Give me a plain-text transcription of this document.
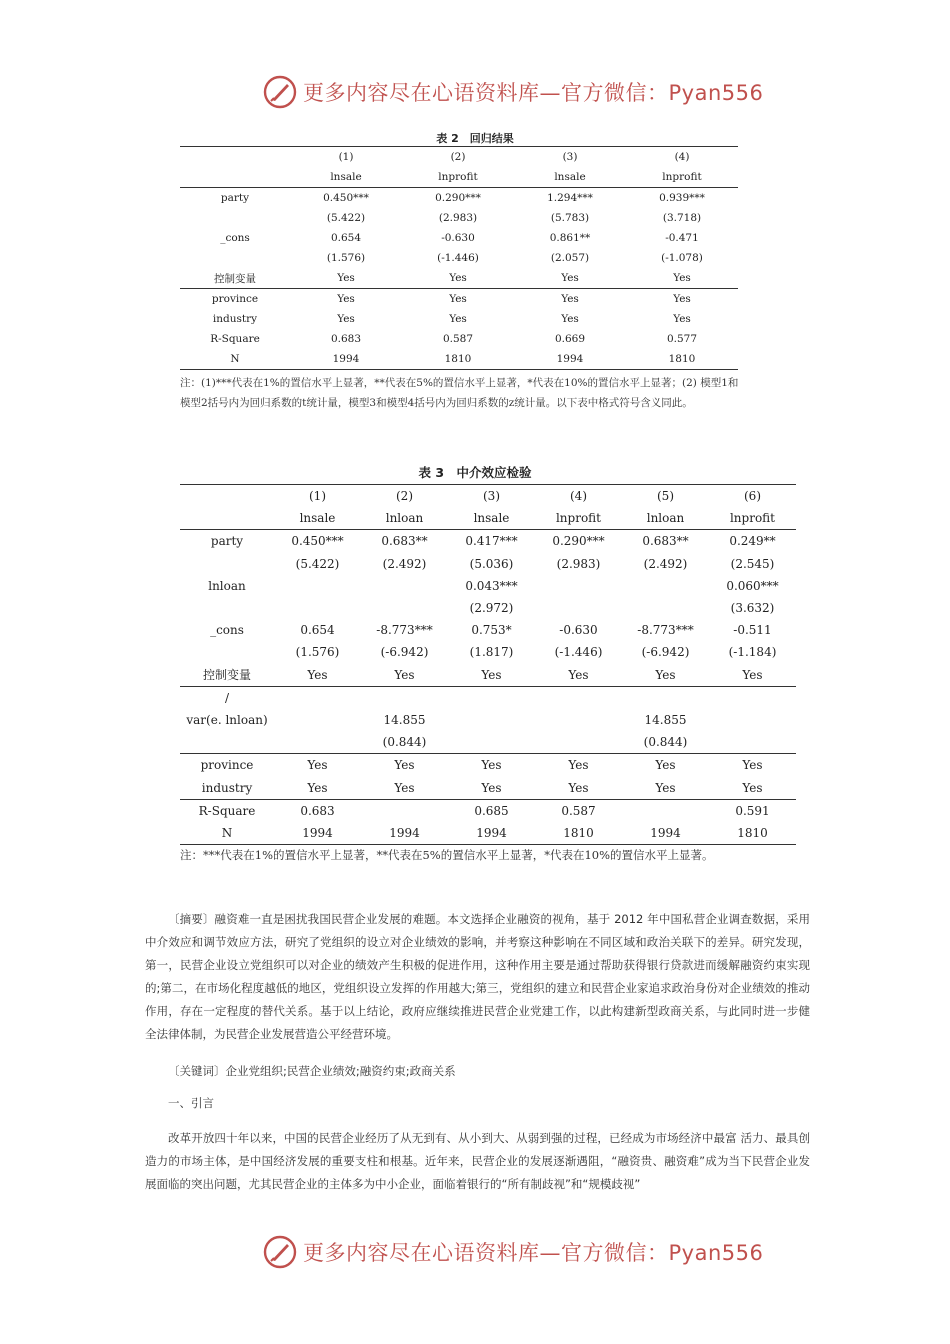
更多内容尽在心语资料库—官方微信：Pyan556
表 2　回归结果
	(1)	(2)	(3)	(4)
	lnsale	lnprofit	lnsale	lnprofit
party	0.450***	0.290***	1.294***	0.939***
	(5.422)	(2.983)	(5.783)	(3.718)
_cons	0.654	-0.630	0.861**	-0.471
	(1.576)	(-1.446)	(2.057)	(-1.078)
控制变量	Yes	Yes	Yes	Yes
province	Yes	Yes	Yes	Yes
industry	Yes	Yes	Yes	Yes
R-Square	0.683	0.587	0.669	0.577
N	1994	1810	1994	1810
注：(1)***代表在1%的置信水平上显著，**代表在5%的置信水平上显著，*代表在10%的置信水平上显著；(2) 模型1和模型2括号内为回归系数的t统计量，模型3和模型4括号内为回归系数的z统计量。以下表中格式符号含义同此。
表 3　中介效应检验
	(1)	(2)	(3)	(4)	(5)	(6)
	lnsale	lnloan	lnsale	lnprofit	lnloan	lnprofit
party	0.450***	0.683**	0.417***	0.290***	0.683**	0.249**
	(5.422)	(2.492)	(5.036)	(2.983)	(2.492)	(2.545)
lnloan			0.043***			0.060***
			(2.972)			(3.632)
_cons	0.654	-8.773***	0.753*	-0.630	-8.773***	-0.511
	(1.576)	(-6.942)	(1.817)	(-1.446)	(-6.942)	(-1.184)
控制变量	Yes	Yes	Yes	Yes	Yes	Yes
/						
var(e. lnloan)		14.855			14.855	
		(0.844)			(0.844)	
province	Yes	Yes	Yes	Yes	Yes	Yes
industry	Yes	Yes	Yes	Yes	Yes	Yes
R-Square	0.683		0.685	0.587		0.591
N	1994	1994	1994	1810	1994	1810
注：***代表在1%的置信水平上显著，**代表在5%的置信水平上显著，*代表在10%的置信水平上显著。
〔摘要〕融资难一直是困扰我国民营企业发展的难题。本文选择企业融资的视角，基于 2012 年中国私营企业调查数据，采用中介效应和调节效应方法，研究了党组织的设立对企业绩效的影响，并考察这种影响在不同区域和政治关联下的差异。研究发现，第一，民营企业设立党组织可以对企业的绩效产生积极的促进作用，这种作用主要是通过帮助获得银行贷款进而缓解融资约束实现的;第二，在市场化程度越低的地区，党组织设立发挥的作用越大;第三，党组织的建立和民营企业家追求政治身份对企业绩效的推动作用，存在一定程度的替代关系。基于以上结论，政府应继续推进民营企业党建工作，以此构建新型政商关系，与此同时进一步健全法律体制，为民营企业发展营造公平经营环境。
〔关键词〕企业党组织;民营企业绩效;融资约束;政商关系
一、引言
改革开放四十年以来，中国的民营企业经历了从无到有、从小到大、从弱到强的过程，已经成为市场经济中最富 活力、最具创造力的市场主体，是中国经济发展的重要支柱和根基。近年来，民营企业的发展逐渐遇阻，“融资贵、融资难”成为当下民营企业发展面临的突出问题，尤其民营企业的主体多为中小企业，面临着银行的“所有制歧视”和“规模歧视”
更多内容尽在心语资料库—官方微信：Pyan556
